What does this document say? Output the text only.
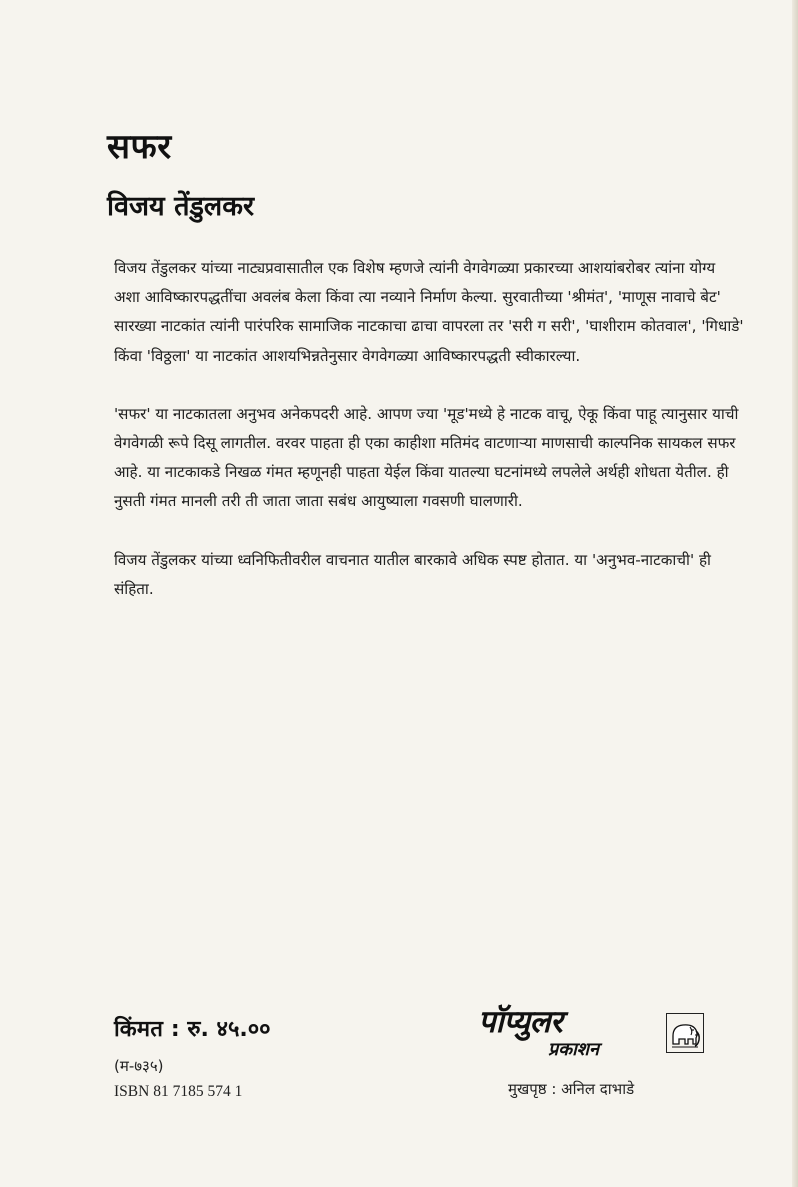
सफर
विजय तेंडुलकर

विजय तेंडुलकर यांच्या नाट्यप्रवासातील एक विशेष म्हणजे त्यांनी वेगवेगळ्या प्रकारच्या आशयांबरोबर त्यांना योग्य अशा आविष्कारपद्धतींचा अवलंब केला किंवा त्या नव्याने निर्माण केल्या. सुरवातीच्या 'श्रीमंत', 'माणूस नावाचे बेट' सारख्या नाटकांत त्यांनी पारंपरिक सामाजिक नाटकाचा ढाचा वापरला तर 'सरी ग सरी', 'घाशीराम कोतवाल', 'गिधाडे' किंवा 'विठ्ठला' या नाटकांत आशयभिन्नतेनुसार वेगवेगळ्या आविष्कारपद्धती स्वीकारल्या.

'सफर' या नाटकातला अनुभव अनेकपदरी आहे. आपण ज्या 'मूड'मध्ये हे नाटक वाचू, ऐकू किंवा पाहू त्यानुसार याची वेगवेगळी रूपे दिसू लागतील. वरवर पाहता ही एका काहीशा मतिमंद वाटणाऱ्या माणसाची काल्पनिक सायकल सफर आहे. या नाटकाकडे निखळ गंमत म्हणूनही पाहता येईल किंवा यातल्या घटनांमध्ये लपलेले अर्थही शोधता येतील. ही नुसती गंमत मानली तरी ती जाता जाता सबंध आयुष्याला गवसणी घालणारी.

विजय तेंडुलकर यांच्या ध्वनिफितीवरील वाचनात यातील बारकावे अधिक स्पष्ट होतात. या 'अनुभव-नाटकाची' ही संहिता.

किंमत : रु. ४५.००

(म-७३५)

ISBN 81 7185 574 1

पॉप्युलर

प्रकाशन

मुखपृष्ठ : अनिल दाभाडे
